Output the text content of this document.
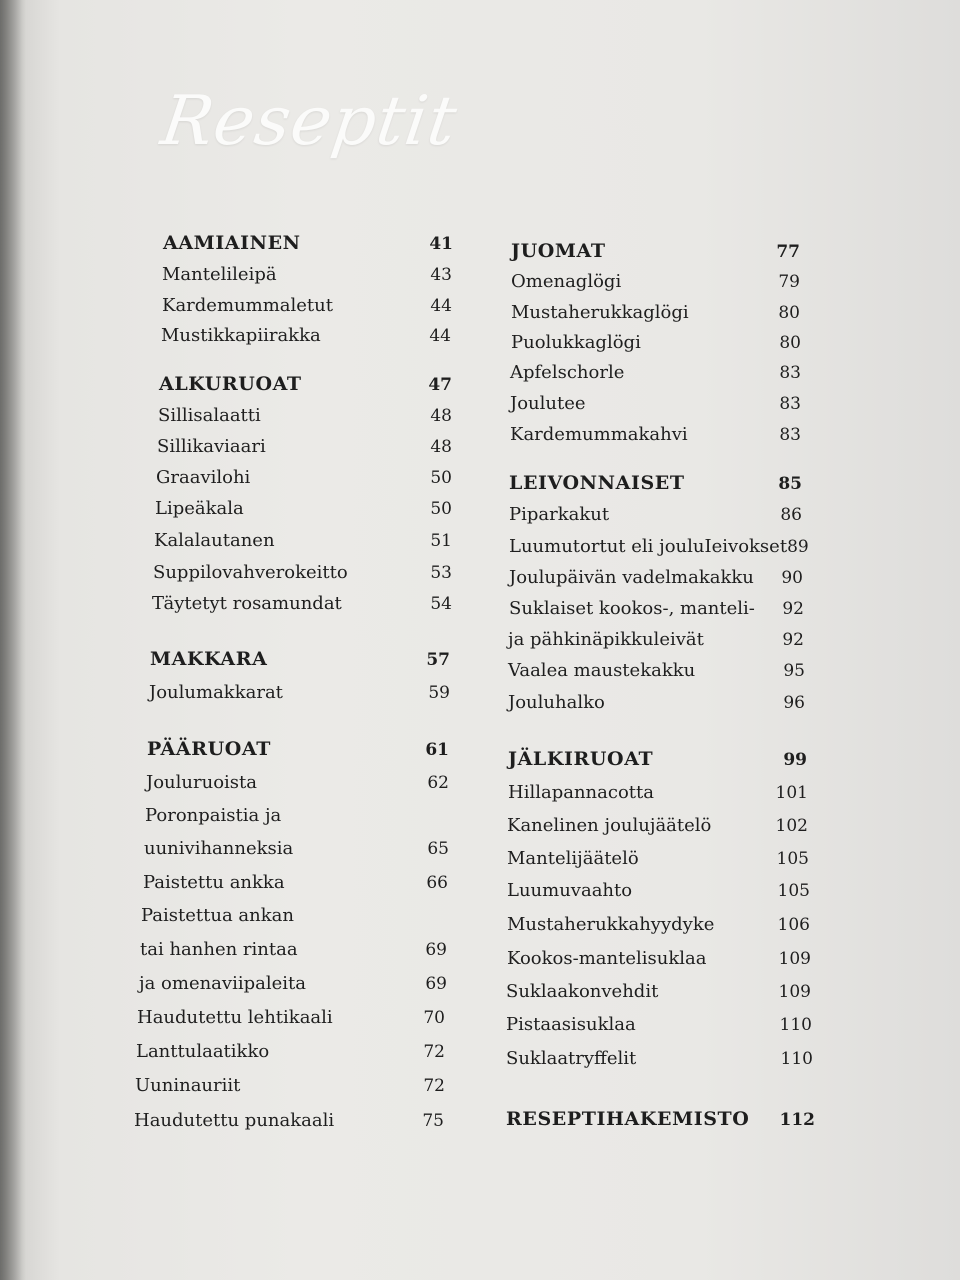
Reseptit
AAMIAINEN	41
Mantelileipä	43
Kardemummaletut	44
Mustikkapiirakka	44
ALKURUOAT	47
Sillisalaatti	48
Sillikaviaari	48
Graavilohi	50
Lipeäkala	50
Kalalautanen	51
Suppilovahverokeitto	53
Täytetyt rosamundat	54
MAKKARA	57
Joulumakkarat	59
PÄÄRUOAT	61
Jouluruoista	62
Poronpaistia ja
uunivihanneksia	65
Paistettu ankka	66
Paistettua ankan
tai hanhen rintaa	69
ja omenaviipaleita	69
Haudutettu lehtikaali	70
Lanttulaatikko	72
Uuninauriit	72
Haudutettu punakaali	75
JUOMAT	77
Omenaglögi	79
Mustaherukkaglögi	80
Puolukkaglögi	80
Apfelschorle	83
Joulutee	83
Kardemummakahvi	83
LEIVONNAISET	85
Piparkakut	86
Luumutortut eli jouluIeivokset 89
Joulupäivän vadelmakakku 90
Suklaiset kookos-, manteli- 92
ja pähkinäpikkuleivät	92
Vaalea maustekakku	95
Jouluhalko	96
JÄLKIRUOAT	99
Hillapannacotta	101
Kanelinen joulujäätelö	102
Mantelijäätelö	105
Luumuvaahto	105
Mustaherukkahyydyke	106
Kookos-mantelisuklaa	109
Suklaakonvehdit	109
Pistaasisuklaa	110
Suklaatryffelit	110
RESEPTIHAKEMISTO 112
